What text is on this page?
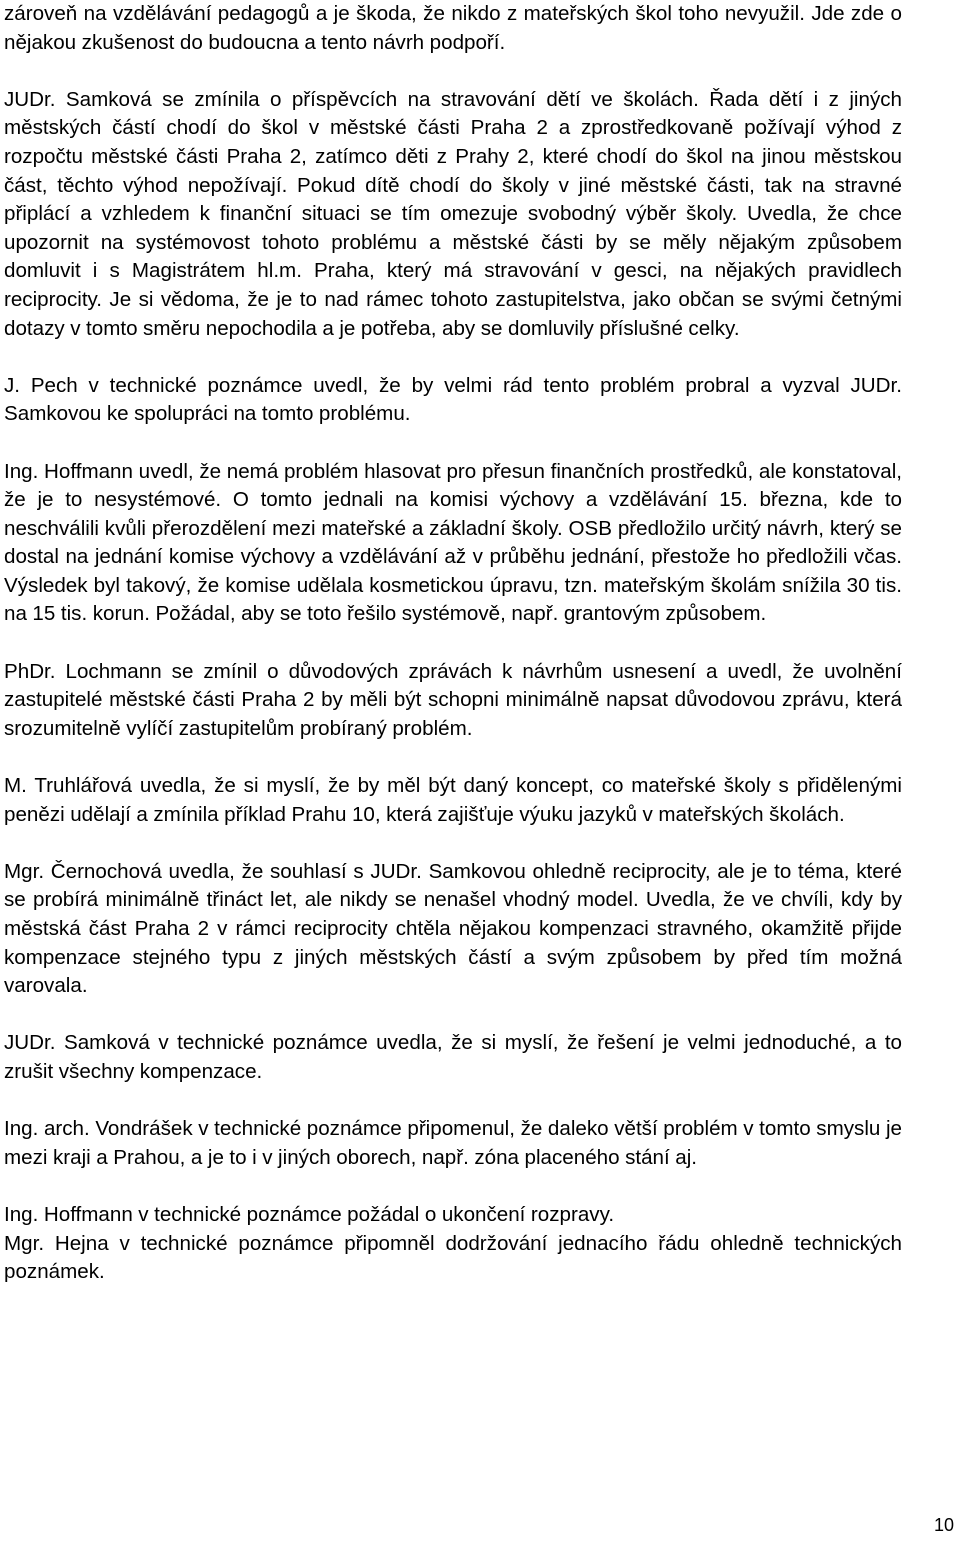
zároveň na vzdělávání pedagogů a je škoda, že nikdo z mateřských škol toho nevyužil. Jde zde o nějakou zkušenost do budoucna a tento návrh podpoří.

JUDr. Samková se zmínila o příspěvcích na stravování dětí ve školách. Řada dětí i z jiných městských částí chodí do škol v městské části Praha 2 a zprostředkovaně požívají výhod z rozpočtu městské části Praha 2, zatímco děti z Prahy 2, které chodí do škol na jinou městskou část, těchto výhod nepožívají. Pokud dítě chodí do školy v jiné městské části, tak na stravné připlácí a vzhledem k finanční situaci se tím omezuje svobodný výběr školy. Uvedla, že chce upozornit na systémovost tohoto problému a městské části by se měly nějakým způsobem domluvit i s Magistrátem hl.m. Praha, který má stravování v gesci, na nějakých pravidlech reciprocity. Je si vědoma, že je to nad rámec tohoto zastupitelstva, jako občan se svými četnými dotazy v tomto směru nepochodila a je potřeba, aby se domluvily příslušné celky.

J. Pech v technické poznámce uvedl, že by velmi rád tento problém probral a vyzval JUDr. Samkovou ke spolupráci na tomto problému.

Ing. Hoffmann uvedl, že nemá problém hlasovat pro přesun finančních prostředků, ale konstatoval, že je to nesystémové. O tomto jednali na komisi výchovy a vzdělávání 15. března, kde to neschválili kvůli přerozdělení mezi mateřské a základní školy. OSB předložilo určitý návrh, který se dostal na jednání komise výchovy a vzdělávání až v průběhu jednání, přestože ho předložili včas. Výsledek byl takový, že komise udělala kosmetickou úpravu, tzn. mateřským školám snížila 30 tis. na 15 tis. korun. Požádal, aby se toto řešilo systémově, např. grantovým způsobem.

PhDr. Lochmann se zmínil o důvodových zprávách k návrhům usnesení a uvedl, že uvolnění zastupitelé městské části Praha 2 by měli být schopni minimálně napsat důvodovou zprávu, která srozumitelně vylíčí zastupitelům probíraný problém.

M. Truhlářová uvedla, že si myslí, že by měl být daný koncept, co mateřské školy s přidělenými penězi udělají a zmínila příklad Prahu 10, která zajišťuje výuku jazyků v mateřských školách.

Mgr. Černochová uvedla, že souhlasí s JUDr. Samkovou ohledně reciprocity, ale je to téma, které se probírá minimálně třináct let, ale nikdy se nenašel vhodný model. Uvedla, že ve chvíli, kdy by městská část Praha 2 v rámci reciprocity chtěla nějakou kompenzaci stravného, okamžitě přijde kompenzace stejného typu z jiných městských částí a svým způsobem by před tím možná varovala.

JUDr. Samková v technické poznámce uvedla, že si myslí, že řešení je velmi jednoduché, a to zrušit všechny kompenzace.

Ing. arch. Vondrášek v technické poznámce připomenul, že daleko větší problém v tomto smyslu je mezi kraji a Prahou, a je to i v jiných oborech, např. zóna placeného stání aj.

Ing. Hoffmann v technické poznámce požádal o ukončení rozpravy.

Mgr. Hejna v technické poznámce připomněl dodržování jednacího řádu ohledně technických poznámek.

10
